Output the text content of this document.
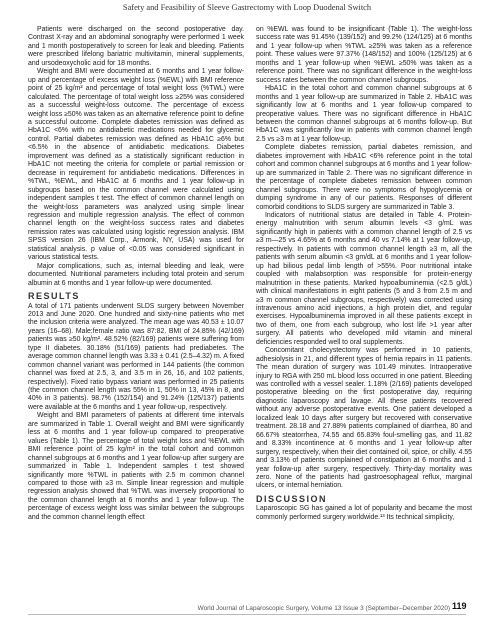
Safety and Feasibility of Sleeve Gastrectomy with Loop Duodenal Switch

Patients were discharged on the second postoperative day. Contrast X-ray and an abdominal sonography were performed 1 week and 1 month postoperatively to screen for leak and bleeding. Patients were prescribed lifelong bariatric multivitamin, mineral supplements, and ursodeoxycholic acid for 18 months.

Weight and BMI were documented at 6 months and 1 year follow-up and percentage of excess weight loss (%EWL) with BMI reference point of 25 kg/m² and percentage of total weight loss (%TWL) were calculated. The percentage of total weight loss ≥25% was considered as a successful weight-loss outcome. The percentage of excess weight loss ≥50% was taken as an alternative reference point to define a successful outcome. Complete diabetes remission was defined as HbA1C <6% with no antidiabetic medications needed for glycemic control. Partial diabetes remission was defined as HbA1C ≥6% but <6.5% in the absence of antidiabetic medications. Diabetes improvement was defined as a statistically significant reduction in HbA1C not meeting the criteria for complete or partial remission or decrease in requirement for antidiabetic medications. Differences in %TWL, %EWL, and HbA1C at 6 months and 1 year follow-up in subgroups based on the common channel were calculated using independent samples t test. The effect of common channel length on the weight-loss parameters was analyzed using simple linear regression and multiple regression analysis. The effect of common channel length on the weight-loss success rates and diabetes remission rates was calculated using logistic regression analysis. IBM SPSS version 26 (IBM Corp., Armonk, NY, USA) was used for statistical analysis. p value of <0.05 was considered significant in various statistical tests.

Major complications, such as, internal bleeding and leak, were documented. Nutritional parameters including total protein and serum albumin at 6 months and 1 year follow-up were documented.

RESULTS

A total of 171 patients underwent SLDS surgery between November 2013 and June 2020. One hundred and sixty-nine patients who met the inclusion criteria were analyzed. The mean age was 40.53 ± 10.07 years (16–68). Male:female ratio was 87:82. BMI of 24.85% (42/169) patients was ≥50 kg/m². 48.52% (82/169) patients were suffering from type II diabetes. 30.18% (51/169) patients had prediabetes. The average common channel length was 3.33 ± 0.41 (2.5–4.32) m. A fixed common channel variant was performed in 144 patients (the common channel was fixed at 2.5, 3, and 3.5 m in 26, 16, and 102 patients, respectively). Fixed ratio bypass variant was performed in 25 patients (the common channel length was 55% in 1, 50% in 13, 45% in 8, and 40% in 3 patients). 98.7% (152/154) and 91.24% (125/137) patients were available at the 6 months and 1 year follow-up, respectively.

Weight and BMI parameters of patients at different time intervals are summarized in Table 1. Overall weight and BMI were significantly less at 6 months and 1 year follow-up compared to preoperative values (Table 1). The percentage of total weight loss and %EWL with BMI reference point of 25 kg/m² in the total cohort and common channel subgroups at 6 months and 1 year follow-up after surgery are summarized in Table 1. Independent samples t test showed significantly more %TWL in patients with 2.5 m common channel compared to those with ≥3 m. Simple linear regression and multiple regression analysis showed that %TWL was inversely proportional to the common channel length at 6 months and 1 year follow-up. The percentage of excess weight loss was similar between the subgroups and the common channel length effect

on %EWL was found to be insignificant (Table 1). The weight-loss success rate was 91.45% (139/152) and 99.2% (124/125) at 6 months and 1 year follow-up when %TWL ≥25% was taken as a reference point. These values were 97.37% (148/152) and 100% (125/125) at 6 months and 1 year follow-up when %EWL ≥50% was taken as a reference point. There was no significant difference in the weight-loss success rates between the common channel subgroups.

HbA1C in the total cohort and common channel subgroups at 6 months and 1 year follow-up are summarized in Table 2. HbA1C was significantly low at 6 months and 1 year follow-up compared to preoperative values. There was no significant difference in HbA1C between the common channel subgroups at 6 months follow-up. But HbA1C was significantly low in patients with common channel length 2.5 vs ≥3 m at 1 year follow-up.

Complete diabetes remission, partial diabetes remission, and diabetes improvement with HbA1C <6% reference point in the total cohort and common channel subgroups at 6 months and 1 year follow-up are summarized in Table 2. There was no significant difference in the percentage of complete diabetes remission between common channel subgroups. There were no symptoms of hypoglycemia or dumping syndrome in any of our patients. Responses of different comorbid conditions to SLDS surgery are summarized in Table 3.

Indicators of nutritional status are detailed in Table 4. Protein-energy malnutrition with serum albumin levels <3 g/mL was significantly high in patients with a common channel length of 2.5 vs ≥3 m—25 vs 4.65% at 6 months and 40 vs 7.14% at 1 year follow-up, respectively. In patients with common channel length ≥3 m, all the patients with serum albumin <3 gm/dL at 6 months and 1 year follow-up had bilious pedal limb length of >55%. Poor nutritional intake coupled with malabsorption was responsible for protein-energy malnutrition in these patients. Marked hypoalbuminemia (<2.5 g/dL) with clinical manifestations in eight patients (5 and 3 from 2.5 m and ≥3 m common channel subgroups, respectively) was corrected using intravenous amino acid injections, a high protein diet, and regular exercises. Hypoalbuminemia improved in all these patients except in two of them, one from each subgroup, who lost life >1 year after surgery. All patients who developed mild vitamin and mineral deficiencies responded well to oral supplements.

Concomitant cholecystectomy was performed in 10 patients, adhesiolysis in 21, and different types of hernia repairs in 11 patients. The mean duration of surgery was 101.49 minutes. Intraoperative injury to RGA with 250 mL blood loss occurred in one patient. Bleeding was controlled with a vessel sealer. 1.18% (2/169) patients developed postoperative bleeding on the first postoperative day, requiring diagnostic laparoscopy and lavage. All these patients recovered without any adverse postoperative events. One patient developed a localized leak 10 days after surgery but recovered with conservative treatment. 28.18 and 27.88% patients complained of diarrhea, 80 and 66.67% steatorrhea, 74.55 and 65.83% foul-smelling gas, and 11.82 and 8.33% incontinence at 6 months and 1 year follow-up after surgery, respectively, when their diet contained oil, spice, or chilly. 4.55 and 3.13% of patients complained of constipation at 6 months and 1 year follow-up after surgery, respectively. Thirty-day mortality was zero. None of the patients had gastroesophageal reflux, marginal ulcers, or internal herniation.

DISCUSSION

Laparoscopic SG has gained a lot of popularity and became the most commonly performed surgery worldwide.¹³ Its technical simplicity,

World Journal of Laparoscopic Surgery, Volume 13 Issue 3 (September–December 2020) 119
